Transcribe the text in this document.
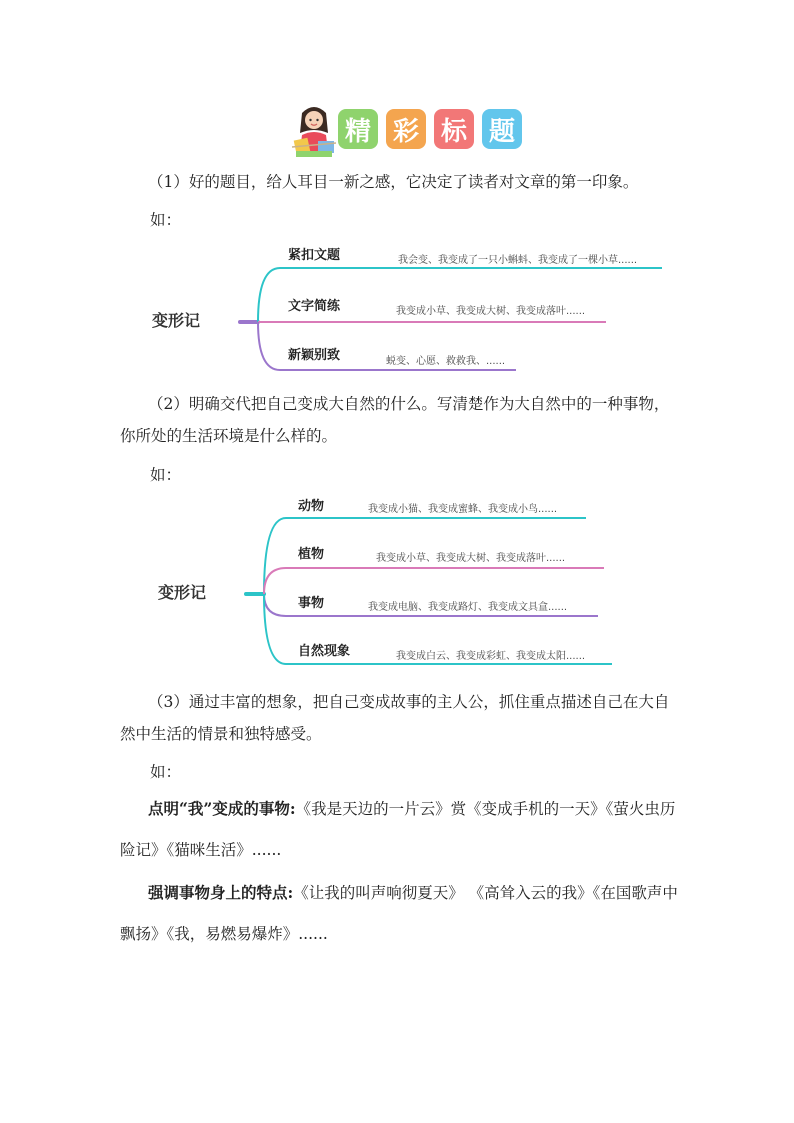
精 彩 标 题
（1）好的题目，给人耳目一新之感，它决定了读者对文章的第一印象。
如：
变形记
紧扣文题	我会变、我变成了一只小蝌蚪、我变成了一棵小草......
文字简练	我变成小草、我变成大树、我变成落叶......
新颖别致	蜕变、心愿、救救我、......
（2）明确交代把自己变成大自然的什么。写清楚作为大自然中的一种事物，你所处的生活环境是什么样的。
如：
变形记
动物	我变成小猫、我变成蜜蜂、我变成小鸟......
植物	我变成小草、我变成大树、我变成落叶......
事物	我变成电脑、我变成路灯、我变成文具盒......
自然现象	我变成白云、我变成彩虹、我变成太阳......
（3）通过丰富的想象，把自己变成故事的主人公，抓住重点描述自己在大自然中生活的情景和独特感受。
如：
点明“我”变成的事物:《我是天边的一片云》赏《变成手机的一天》《萤火虫历险记》《猫咪生活》......
强调事物身上的特点:《让我的叫声响彻夏天》 《高耸入云的我》《在国歌声中飘扬》《我，易燃易爆炸》......
